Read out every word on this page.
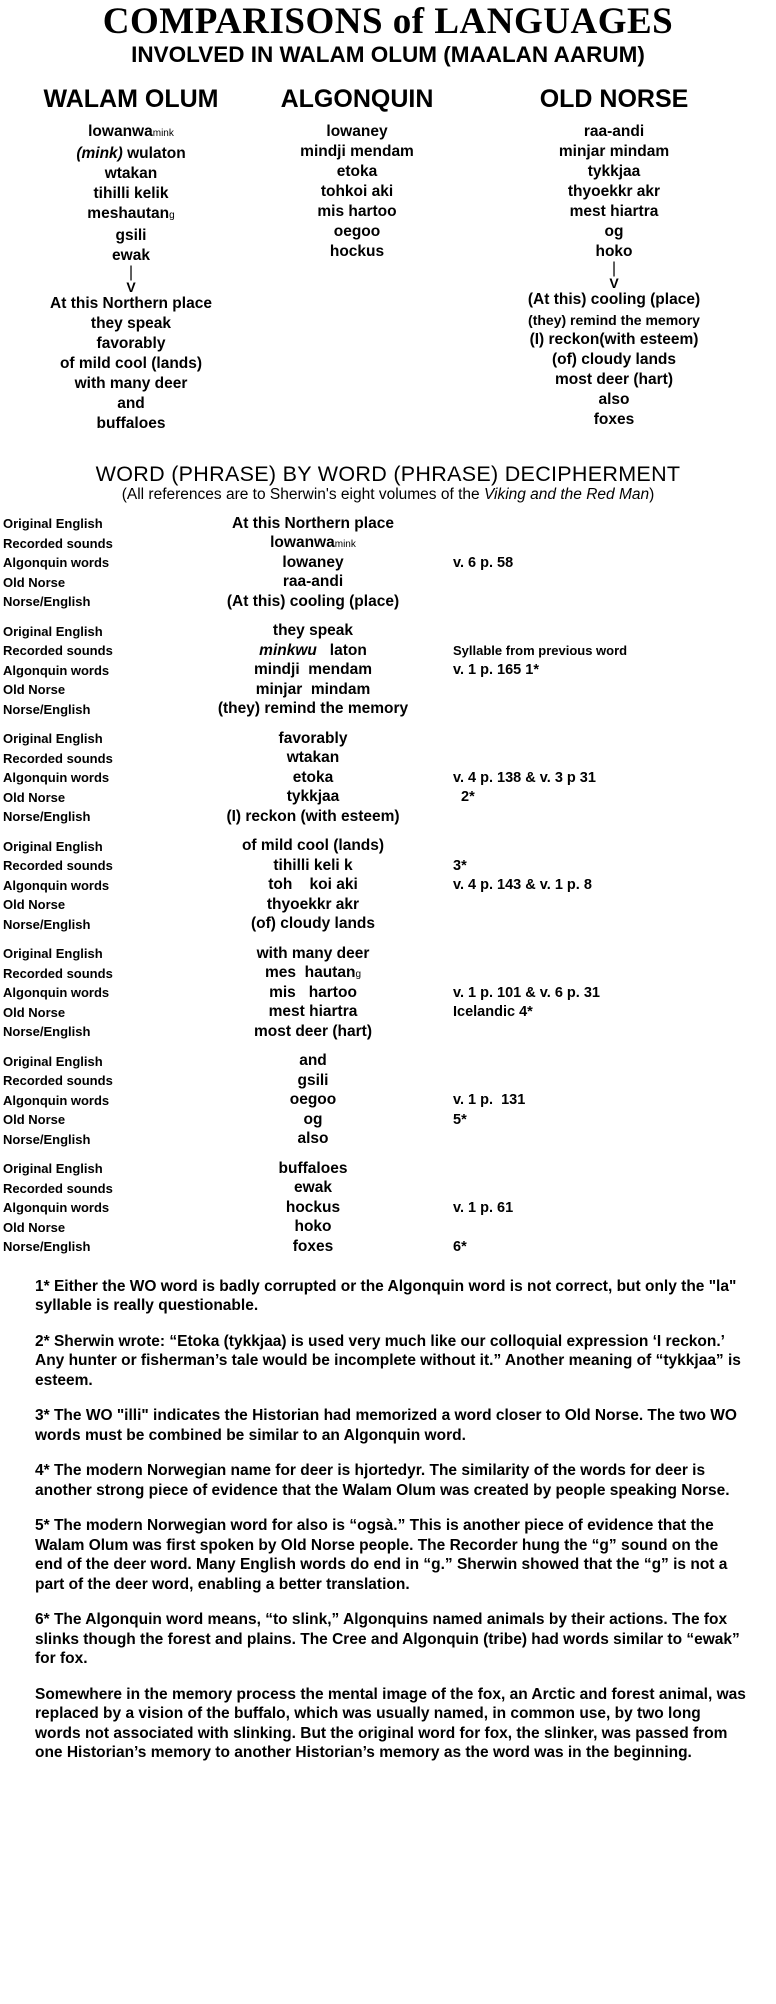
COMPARISONS of LANGUAGES
INVOLVED IN WALAM OLUM (MAALAN AARUM)
WALAM OLUM	ALGONQUIN	OLD NORSE
lowanwamink
(mink) wulaton
wtakan
tihilli kelik
meshautang
gsili
ewak
|
V
At this Northern place
they speak
favorably
of mild cool (lands)
with many deer
and
buffaloes
lowaney
mindji mendam
etoka
tohkoi aki
mis hartoo
oegoo
hockus
raa-andi
minjar mindam
tykkjaa
thyoekkr akr
mest hiartra
og
hoko
|
V
(At this) cooling (place)
(they) remind the memory
(I) reckon(with esteem)
(of) cloudy lands
most deer (hart)
also
foxes
WORD (PHRASE) BY WORD (PHRASE) DECIPHERMENT
(All references are to Sherwin's eight volumes of the Viking and the Red Man)
Original English	At this Northern place
Recorded sounds	lowanwamink
Algonquin words	lowaney	v. 6 p. 58
Old Norse	raa-andi
Norse/English	(At this) cooling (place)
Original English	they speak
Recorded sounds	minkwu   laton	Syllable from previous word
Algonquin words	mindji  mendam	v. 1 p. 165 1*
Old Norse	minjar  mindam
Norse/English	(they) remind the memory
Original English	favorably
Recorded sounds	wtakan
Algonquin words	etoka	v. 4 p. 138 & v. 3 p 31
Old Norse	tykkjaa	2*
Norse/English	(I) reckon (with esteem)
Original English	of mild cool (lands)
Recorded sounds	tihilli keli k	3*
Algonquin words	toh    koi aki	v. 4 p. 143 & v. 1 p. 8
Old Norse	thyoekkr akr
Norse/English	(of) cloudy lands
Original English	with many deer
Recorded sounds	mes  hautang
Algonquin words	mis   hartoo	v. 1 p. 101 & v. 6 p. 31
Old Norse	mest hiartra	Icelandic 4*
Norse/English	most deer (hart)
Original English	and
Recorded sounds	gsili
Algonquin words	oegoo	v. 1 p.  131
Old Norse	og	5*
Norse/English	also
Original English	buffaloes
Recorded sounds	ewak
Algonquin words	hockus	v. 1 p. 61
Old Norse	hoko
Norse/English	foxes	6*
1* Either the WO word is badly corrupted or the Algonquin word is not correct, but only the "la" syllable is really questionable.
2* Sherwin wrote: “Etoka (tykkjaa) is used very much like our colloquial expression ‘I reckon.’ Any hunter or fisherman’s tale would be incomplete without it.” Another meaning of “tykkjaa” is esteem.
3* The WO "illi" indicates the Historian had memorized a word closer to Old Norse. The two WO words must be combined be similar to an Algonquin word.
4* The modern Norwegian name for deer is hjortedyr. The similarity of the words for deer is another strong piece of evidence that the Walam Olum was created by people speaking Norse.
5* The modern Norwegian word for also is “ogsà.” This is another piece of evidence that the Walam Olum was first spoken by Old Norse people. The Recorder hung the “g” sound on the end of the deer word. Many English words do end in “g.” Sherwin showed that the “g” is not a part of the deer word, enabling a better translation.
6* The Algonquin word means, “to slink,” Algonquins named animals by their actions. The fox slinks though the forest and plains. The Cree and Algonquin (tribe) had words similar to “ewak” for fox.
Somewhere in the memory process the mental image of the fox, an Arctic and forest animal, was replaced by a vision of the buffalo, which was usually named, in common use, by two long words not associated with slinking. But the original word for fox, the slinker, was passed from one Historian’s memory to another Historian’s memory as the word was in the beginning.
